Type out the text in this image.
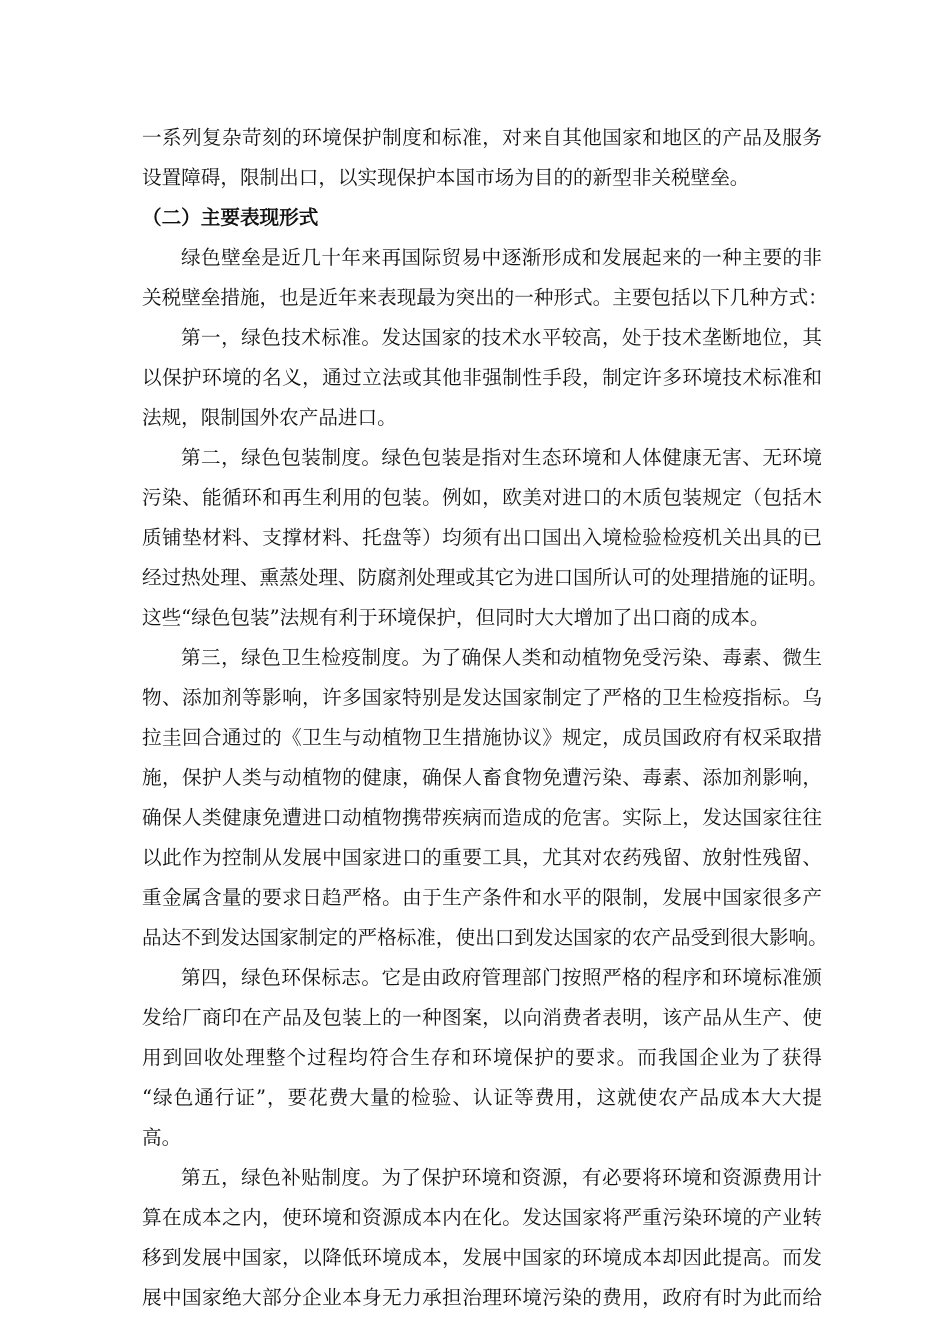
一系列复杂苛刻的环境保护制度和标准，对来自其他国家和地区的产品及服务
设置障碍，限制出口，以实现保护本国市场为目的的新型非关税壁垒。
（二）主要表现形式
绿色壁垒是近几十年来再国际贸易中逐渐形成和发展起来的一种主要的非
关税壁垒措施，也是近年来表现最为突出的一种形式。主要包括以下几种方式：
第一，绿色技术标准。发达国家的技术水平较高，处于技术垄断地位，其
以保护环境的名义，通过立法或其他非强制性手段，制定许多环境技术标准和
法规，限制国外农产品进口。
第二，绿色包装制度。绿色包装是指对生态环境和人体健康无害、无环境
污染、能循环和再生利用的包装。例如，欧美对进口的木质包装规定（包括木
质铺垫材料、支撑材料、托盘等）均须有出口国出入境检验检疫机关出具的已
经过热处理、熏蒸处理、防腐剂处理或其它为进口国所认可的处理措施的证明。
这些“绿色包装”法规有利于环境保护，但同时大大增加了出口商的成本。
第三，绿色卫生检疫制度。为了确保人类和动植物免受污染、毒素、微生
物、添加剂等影响，许多国家特别是发达国家制定了严格的卫生检疫指标。乌
拉圭回合通过的《卫生与动植物卫生措施协议》规定，成员国政府有权采取措
施，保护人类与动植物的健康，确保人畜食物免遭污染、毒素、添加剂影响，
确保人类健康免遭进口动植物携带疾病而造成的危害。实际上，发达国家往往
以此作为控制从发展中国家进口的重要工具，尤其对农药残留、放射性残留、
重金属含量的要求日趋严格。由于生产条件和水平的限制，发展中国家很多产
品达不到发达国家制定的严格标准，使出口到发达国家的农产品受到很大影响。
第四，绿色环保标志。它是由政府管理部门按照严格的程序和环境标准颁
发给厂商印在产品及包装上的一种图案，以向消费者表明，该产品从生产、使
用到回收处理整个过程均符合生存和环境保护的要求。而我国企业为了获得
“绿色通行证”，要花费大量的检验、认证等费用，这就使农产品成本大大提
高。
第五，绿色补贴制度。为了保护环境和资源，有必要将环境和资源费用计
算在成本之内，使环境和资源成本内在化。发达国家将严重污染环境的产业转
移到发展中国家，以降低环境成本，发展中国家的环境成本却因此提高。而发
展中国家绝大部分企业本身无力承担治理环境污染的费用，政府有时为此而给
